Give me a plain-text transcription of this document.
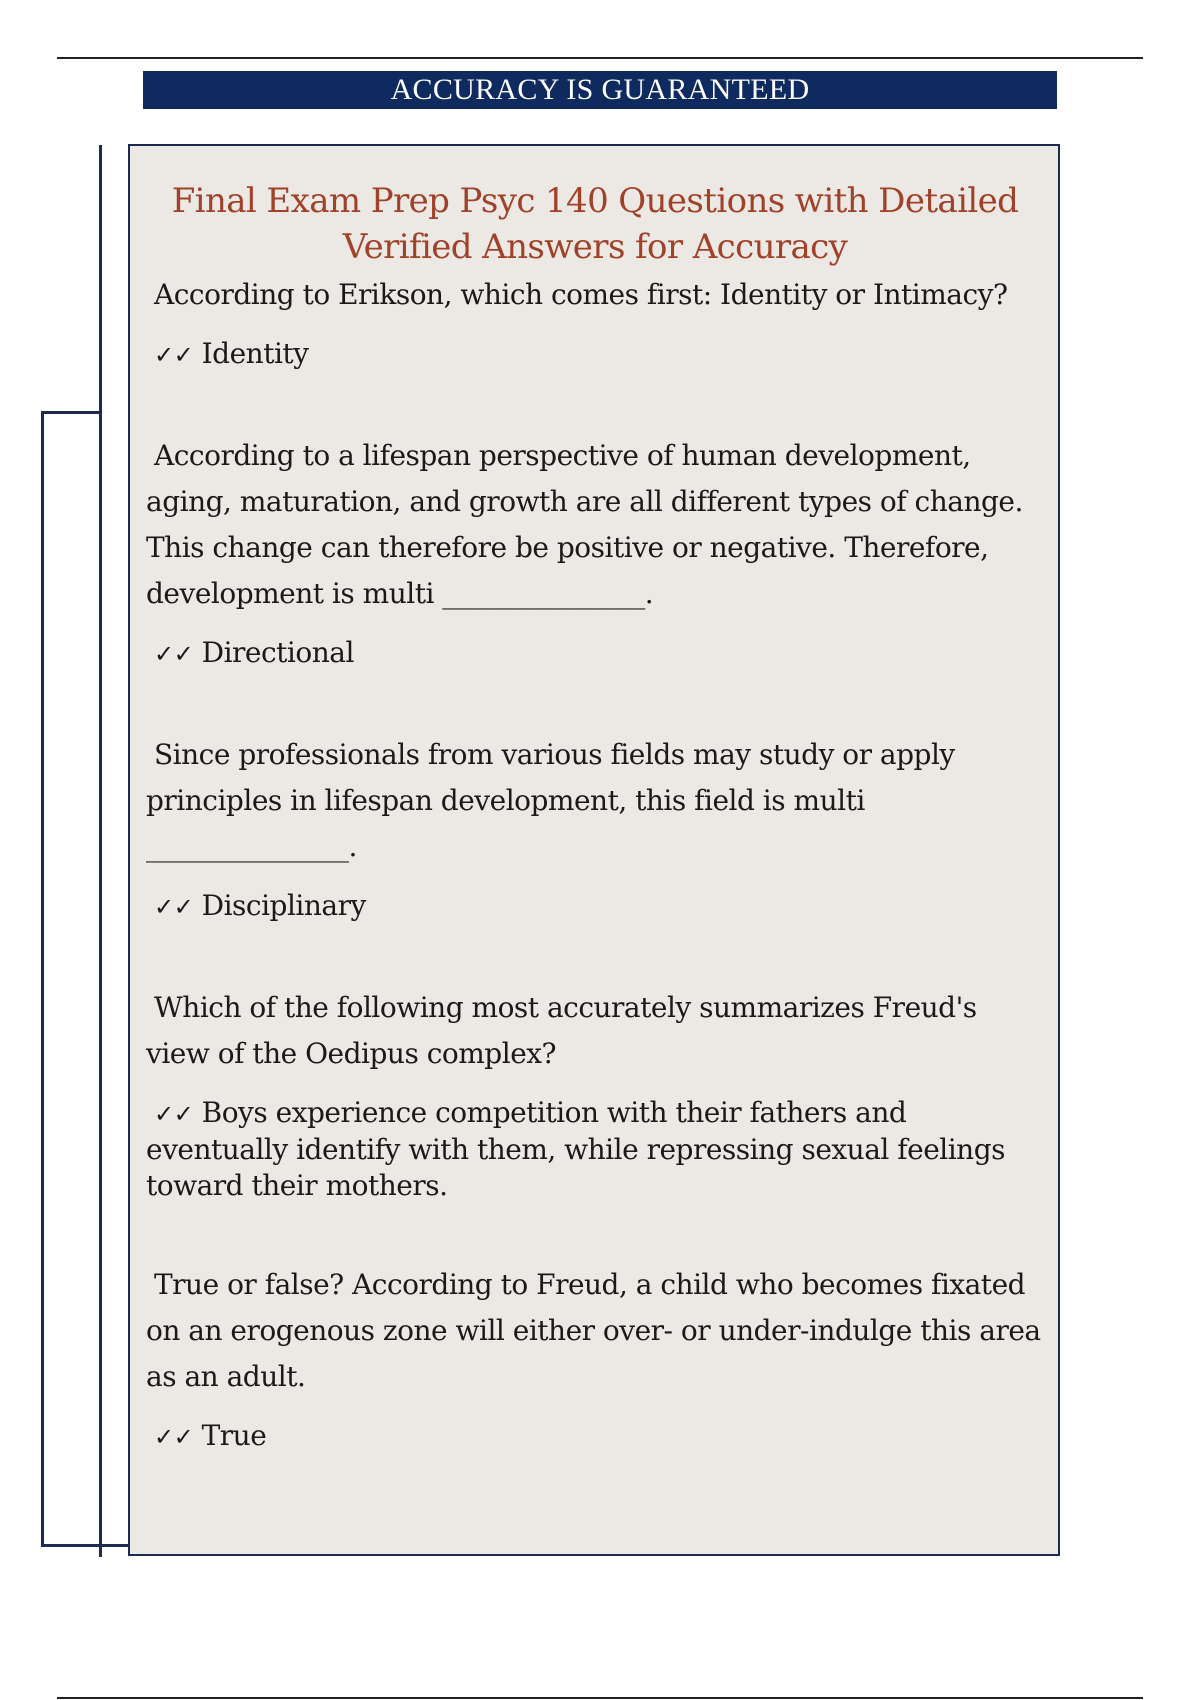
ACCURACY IS GUARANTEED
Final Exam Prep Psyc 140 Questions with Detailed Verified Answers for Accuracy

According to Erikson, which comes first: Identity or Intimacy?

✓✓ Identity

According to a lifespan perspective of human development, aging, maturation, and growth are all different types of change. This change can therefore be positive or negative. Therefore, development is multi _______________.

✓✓ Directional

Since professionals from various fields may study or apply principles in lifespan development, this field is multi _______________.

✓✓ Disciplinary

Which of the following most accurately summarizes Freud's view of the Oedipus complex?

✓✓ Boys experience competition with their fathers and eventually identify with them, while repressing sexual feelings toward their mothers.

True or false? According to Freud, a child who becomes fixated on an erogenous zone will either over- or under-indulge this area as an adult.

✓✓ True
